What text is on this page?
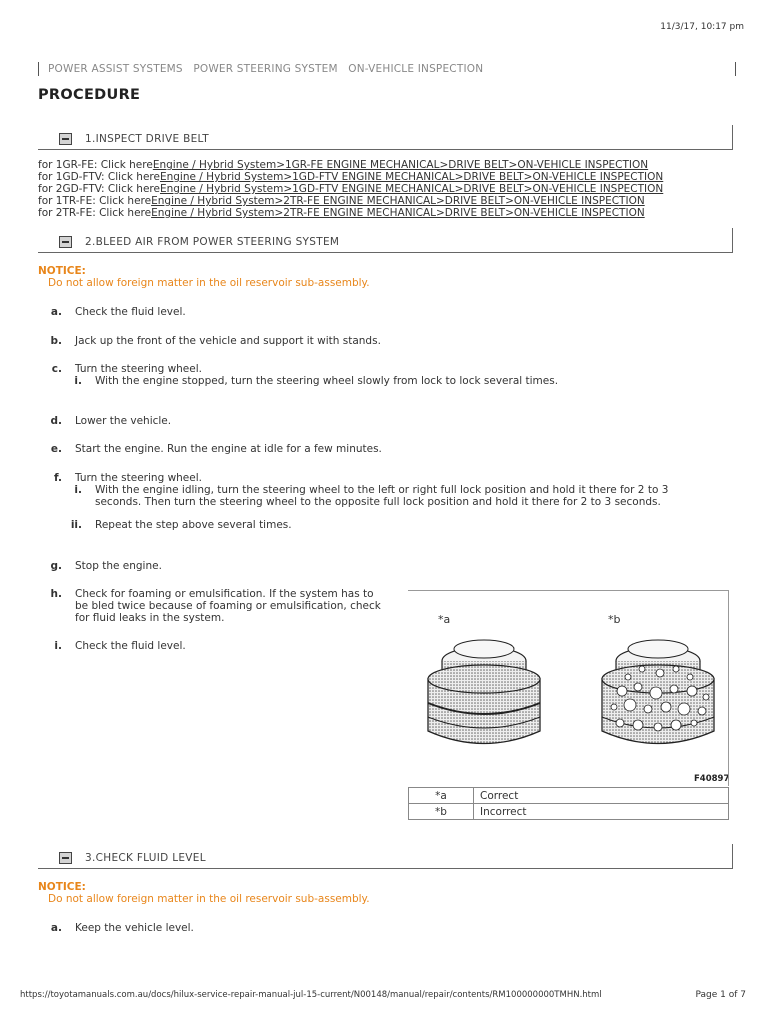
11/3/17, 10:17 pm
POWER ASSIST SYSTEMS POWER STEERING SYSTEM ON-VEHICLE INSPECTION
PROCEDURE
1.INSPECT DRIVE BELT
for 1GR-FE: Click hereEngine / Hybrid System>1GR-FE ENGINE MECHANICAL>DRIVE BELT>ON-VEHICLE INSPECTION
for 1GD-FTV: Click hereEngine / Hybrid System>1GD-FTV ENGINE MECHANICAL>DRIVE BELT>ON-VEHICLE INSPECTION
for 2GD-FTV: Click hereEngine / Hybrid System>1GD-FTV ENGINE MECHANICAL>DRIVE BELT>ON-VEHICLE INSPECTION
for 1TR-FE: Click hereEngine / Hybrid System>2TR-FE ENGINE MECHANICAL>DRIVE BELT>ON-VEHICLE INSPECTION
for 2TR-FE: Click hereEngine / Hybrid System>2TR-FE ENGINE MECHANICAL>DRIVE BELT>ON-VEHICLE INSPECTION
2.BLEED AIR FROM POWER STEERING SYSTEM
NOTICE:
Do not allow foreign matter in the oil reservoir sub-assembly.
a. Check the fluid level.
b. Jack up the front of the vehicle and support it with stands.
c. Turn the steering wheel.
i. With the engine stopped, turn the steering wheel slowly from lock to lock several times.
d. Lower the vehicle.
e. Start the engine. Run the engine at idle for a few minutes.
f. Turn the steering wheel.
i. With the engine idling, turn the steering wheel to the left or right full lock position and hold it there for 2 to 3
seconds. Then turn the steering wheel to the opposite full lock position and hold it there for 2 to 3 seconds.
ii. Repeat the step above several times.
g. Stop the engine.
h. Check for foaming or emulsification. If the system has to
be bled twice because of foaming or emulsification, check
for fluid leaks in the system.
i. Check the fluid level.
*a	*b
F40897
*a	Correct
*b	Incorrect
3.CHECK FLUID LEVEL
NOTICE:
Do not allow foreign matter in the oil reservoir sub-assembly.
a. Keep the vehicle level.
https://toyotamanuals.com.au/docs/hilux-service-repair-manual-jul-15-current/N00148/manual/repair/contents/RM100000000TMHN.html	Page 1 of 7
